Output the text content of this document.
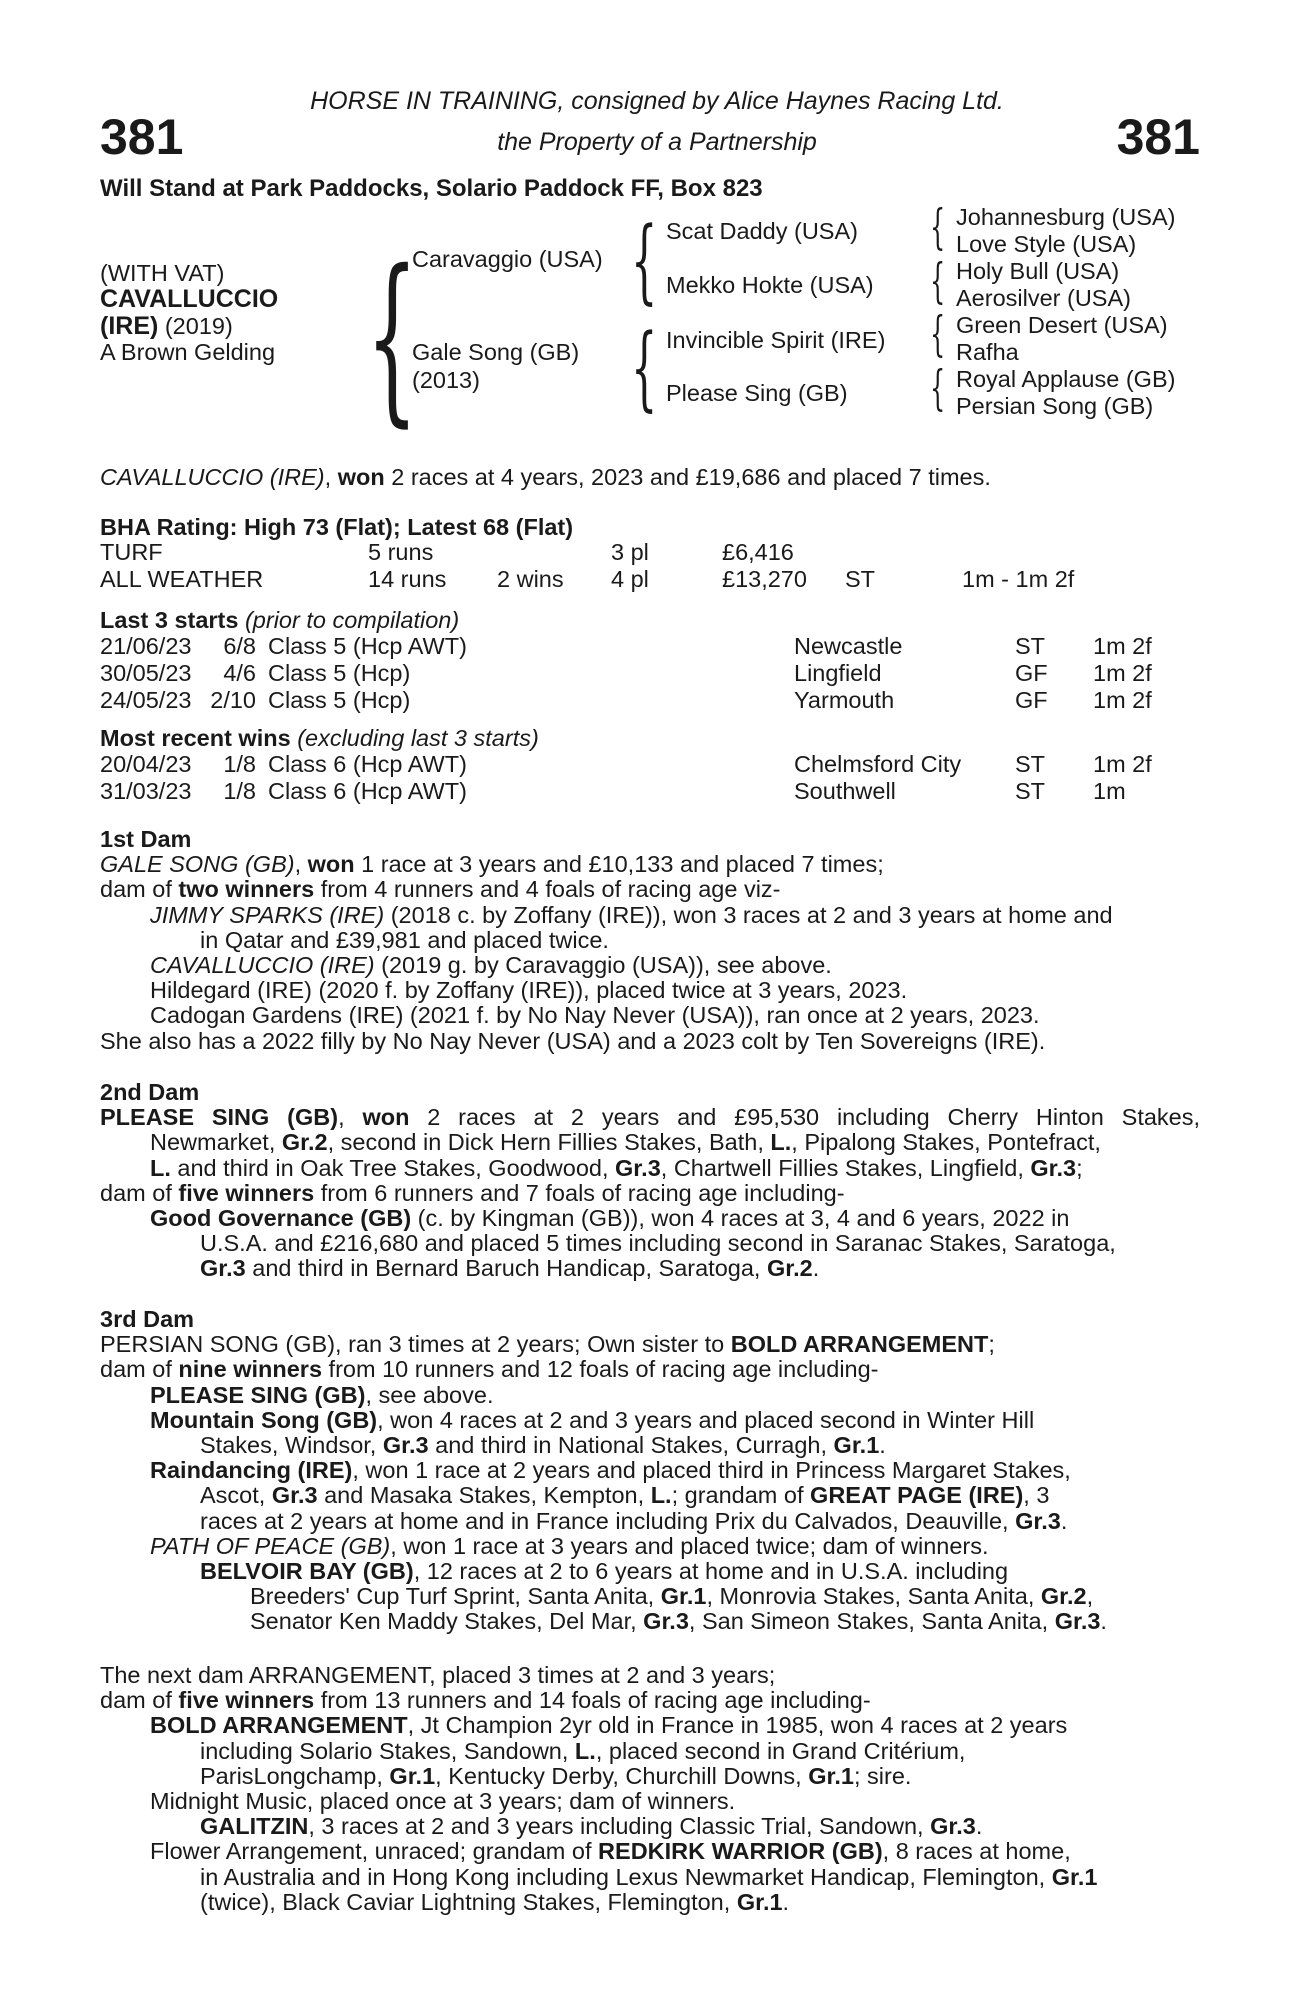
381	381
HORSE IN TRAINING, consigned by Alice Haynes Racing Ltd.
the Property of a Partnership
Will Stand at Park Paddocks, Solario Paddock FF, Box 823
(WITH VAT)
CAVALLUCCIO
(IRE) (2019)
A Brown Gelding {
Caravaggio (USA)
Gale Song (GB)
(2013)
{ Scat Daddy (USA)
Mekko Hokte (USA)
{ Invincible Spirit (IRE)
Please Sing (GB)
{
{
{
{
Johannesburg (USA)
Love Style (USA)
Holy Bull (USA)
Aerosilver (USA)
Green Desert (USA)
Rafha
Royal Applause (GB)
Persian Song (GB)
CAVALLUCCIO (IRE), won 2 races at 4 years, 2023 and £19,686 and placed 7 times.
BHA Rating: High 73 (Flat); Latest 68 (Flat)
TURF	5 runs		3 pl	£6,416		
ALL WEATHER	14 runs	2 wins	4 pl	£13,270	ST	1m - 1m 2f
Last 3 starts (prior to compilation)
21/06/23	6/8	Class 5 (Hcp AWT)	Newcastle	ST	1m 2f
30/05/23	4/6	Class 5 (Hcp)	Lingfield	GF	1m 2f
24/05/23	2/10	Class 5 (Hcp)	Yarmouth	GF	1m 2f
Most recent wins (excluding last 3 starts)
20/04/23	1/8	Class 6 (Hcp AWT)	Chelmsford City	ST	1m 2f
31/03/23	1/8	Class 6 (Hcp AWT)	Southwell	ST	1m
1st Dam
GALE SONG (GB), won 1 race at 3 years and £10,133 and placed 7 times;
dam of two winners from 4 runners and 4 foals of racing age viz-
JIMMY SPARKS (IRE) (2018 c. by Zoffany (IRE)), won 3 races at 2 and 3 years at home and
in Qatar and £39,981 and placed twice.
CAVALLUCCIO (IRE) (2019 g. by Caravaggio (USA)), see above.
Hildegard (IRE) (2020 f. by Zoffany (IRE)), placed twice at 3 years, 2023.
Cadogan Gardens (IRE) (2021 f. by No Nay Never (USA)), ran once at 2 years, 2023.
She also has a 2022 filly by No Nay Never (USA) and a 2023 colt by Ten Sovereigns (IRE).
2nd Dam
PLEASE SING (GB), won 2 races at 2 years and £95,530 including Cherry Hinton Stakes,
Newmarket, Gr.2, second in Dick Hern Fillies Stakes, Bath, L., Pipalong Stakes, Pontefract,
L. and third in Oak Tree Stakes, Goodwood, Gr.3, Chartwell Fillies Stakes, Lingfield, Gr.3;
dam of five winners from 6 runners and 7 foals of racing age including-
Good Governance (GB) (c. by Kingman (GB)), won 4 races at 3, 4 and 6 years, 2022 in
U.S.A. and £216,680 and placed 5 times including second in Saranac Stakes, Saratoga,
Gr.3 and third in Bernard Baruch Handicap, Saratoga, Gr.2.
3rd Dam
PERSIAN SONG (GB), ran 3 times at 2 years; Own sister to BOLD ARRANGEMENT;
dam of nine winners from 10 runners and 12 foals of racing age including-
PLEASE SING (GB), see above.
Mountain Song (GB), won 4 races at 2 and 3 years and placed second in Winter Hill
Stakes, Windsor, Gr.3 and third in National Stakes, Curragh, Gr.1.
Raindancing (IRE), won 1 race at 2 years and placed third in Princess Margaret Stakes,
Ascot, Gr.3 and Masaka Stakes, Kempton, L.; grandam of GREAT PAGE (IRE), 3
races at 2 years at home and in France including Prix du Calvados, Deauville, Gr.3.
PATH OF PEACE (GB), won 1 race at 3 years and placed twice; dam of winners.
BELVOIR BAY (GB), 12 races at 2 to 6 years at home and in U.S.A. including
Breeders' Cup Turf Sprint, Santa Anita, Gr.1, Monrovia Stakes, Santa Anita, Gr.2,
Senator Ken Maddy Stakes, Del Mar, Gr.3, San Simeon Stakes, Santa Anita, Gr.3.
The next dam ARRANGEMENT, placed 3 times at 2 and 3 years;
dam of five winners from 13 runners and 14 foals of racing age including-
BOLD ARRANGEMENT, Jt Champion 2yr old in France in 1985, won 4 races at 2 years
including Solario Stakes, Sandown, L., placed second in Grand Critérium,
ParisLongchamp, Gr.1, Kentucky Derby, Churchill Downs, Gr.1; sire.
Midnight Music, placed once at 3 years; dam of winners.
GALITZIN, 3 races at 2 and 3 years including Classic Trial, Sandown, Gr.3.
Flower Arrangement, unraced; grandam of REDKIRK WARRIOR (GB), 8 races at home,
in Australia and in Hong Kong including Lexus Newmarket Handicap, Flemington, Gr.1
(twice), Black Caviar Lightning Stakes, Flemington, Gr.1.
